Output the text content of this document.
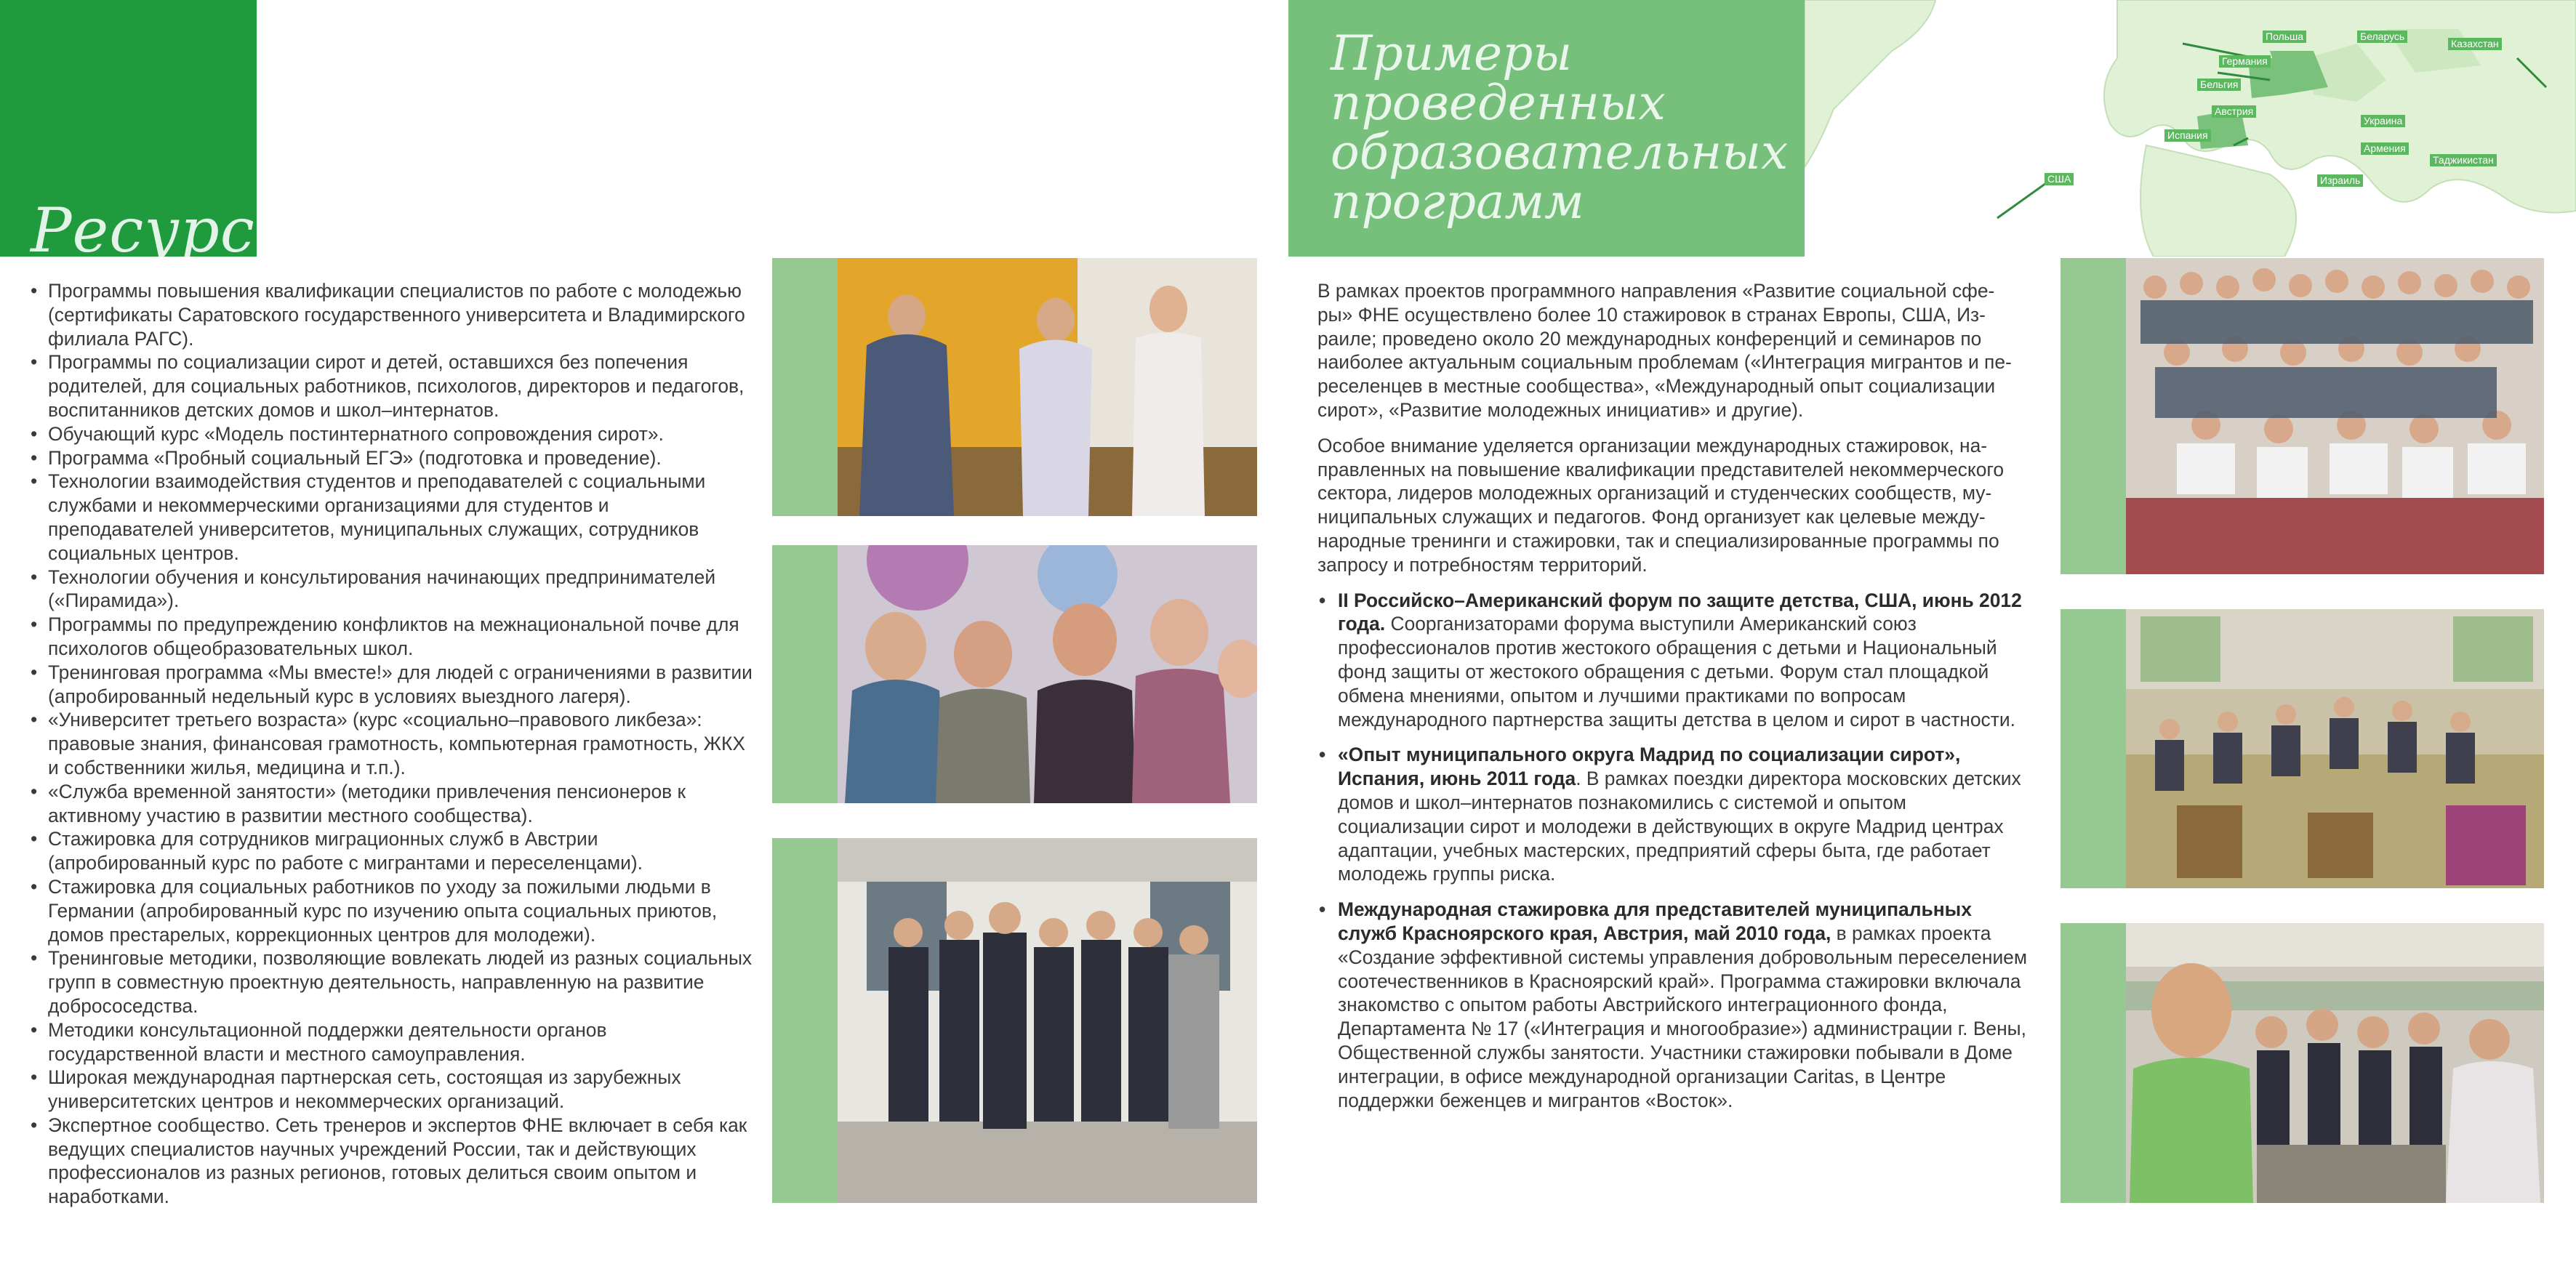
Ресурсы
• Программы повышения квалификации специалистов по работе с молодежью (сертификаты Саратовского государственного университета и Владимирского филиала РАГС).
• Программы по социализации сирот и детей, оставшихся без попечения родителей, для социальных работников, психологов, директоров и педагогов, воспитанников детских домов и школ–интернатов.
• Обучающий курс «Модель постинтернатного сопровождения сирот».
• Программа «Пробный социальный ЕГЭ» (подготовка и проведение).
• Технологии взаимодействия студентов и преподавателей с социальными службами и некоммерческими организациями для студентов и преподавателей университетов, муниципальных служащих, сотрудников социальных центров.
• Технологии обучения и консультирования начинающих предпринимателей («Пирамида»).
• Программы по предупреждению конфликтов на межнациональной почве для психологов общеобразовательных школ.
• Тренинговая программа «Мы вместе!» для людей с ограничениями в развитии (апробированный недельный курс в условиях выездного лагеря).
• «Университет третьего возраста» (курс «социально–правового ликбеза»: правовые знания, финансовая грамотность, компьютерная грамотность, ЖКХ и собственники жилья, медицина и т.п.).
• «Служба временной занятости» (методики привлечения пенсионеров к активному участию в развитии местного сообщества).
• Стажировка для сотрудников миграционных служб в Австрии (апробированный курс по работе с мигрантами и переселенцами).
• Стажировка для социальных работников по уходу за пожилыми людьми в Германии (апробированный курс по изучению опыта социальных приютов, домов престарелых, коррекционных центров для молодежи).
• Тренинговые методики, позволяющие вовлекать людей из разных социальных групп в совместную проектную деятельность, направленную на развитие добрососедства.
• Методики консультационной поддержки деятельности органов государственной власти и местного самоуправления.
• Широкая международная партнерская сеть, состоящая из зарубежных университетских центров и некоммерческих организаций.
• Экспертное сообщество. Сеть тренеров и экспертов ФНЕ включает в себя как ведущих специалистов научных учреждений России, так и действующих профессионалов из разных регионов, готовых делиться своим опытом и наработками.
Примеры
проведенных
образовательных
программ
Польша
Германия
Бельгия
Австрия
Испания
США
Беларусь
Казахстан
Украина
Армения
Израиль
Таджикистан

В рамках проектов программного направления «Развитие социальной сфе- ры» ФНЕ осуществлено более 10 стажировок в странах Европы, США, Из- раиле; проведено около 20 международных конференций и семинаров по наиболее актуальным социальным проблемам («Интеграция мигрантов и пе- реселенцев в местные сообщества», «Международный опыт социализации сирот», «Развитие молодежных инициатив» и другие).

Особое внимание уделяется организации международных стажировок, на- правленных на повышение квалификации представителей некоммерческого сектора, лидеров молодежных организаций и студенческих сообществ, му- ниципальных служащих и педагогов. Фонд организует как целевые между- народные тренинги и стажировки, так и специализированные программы по запросу и потребностям территорий.

• II Российско–Американский форум по защите детства, США, июнь 2012 года. Соорганизаторами форума выступили Американский союз профессионалов против жестокого обращения с детьми и Национальный фонд защиты от жестокого обращения с детьми. Форум стал площадкой обмена мнениями, опытом и лучшими практиками по вопросам международного партнерства защиты детства в целом и сирот в частности.
• «Опыт муниципального округа Мадрид по социализации сирот», Испания, июнь 2011 года. В рамках поездки директора московских детских домов и школ–интернатов познакомились с системой и опытом социализации сирот и молодежи в действующих в округе Мадрид центрах адаптации, учебных мастерских, предприятий сферы быта, где работает молодежь группы риска.
• Международная стажировка для представителей муниципальных служб Красноярского края, Австрия, май 2010 года, в рамках проекта «Создание эффективной системы управления добровольным переселением соотечественников в Красноярский край». Программа стажировки включала знакомство с опытом работы Австрийского интеграционного фонда, Департамента № 17 («Интеграция и многообразие») администрации г. Вены, Общественной службы занятости. Участники стажировки побывали в Доме интеграции, в офисе международной организации Caritas, в Центре поддержки беженцев и мигрантов «Восток».
